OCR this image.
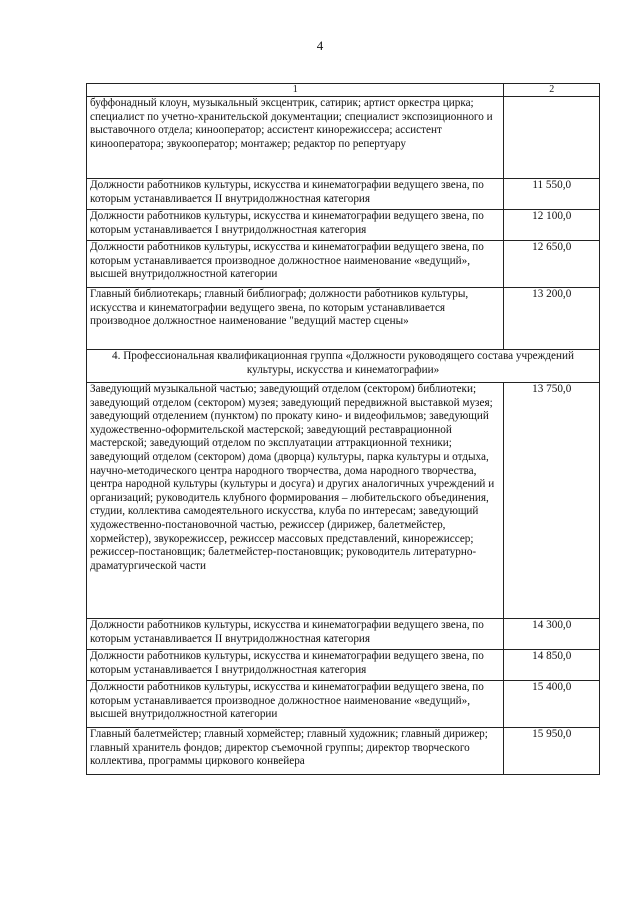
4
1	2
буффонадный клоун, музыкальный эксцентрик, сатирик; артист оркестра цирка; специалист по учетно-хранительской документации; специалист экспозиционного и выставочного отдела; кинооператор; ассистент кинорежиссера; ассистент кинооператора; звукооператор; монтажер; редактор по репертуару	
Должности работников культуры, искусства и кинематографии ведущего звена, по которым устанавливается II внутридолжностная категория	11 550,0
Должности работников культуры, искусства и кинематографии ведущего звена, по которым устанавливается I внутридолжностная категория	12 100,0
Должности работников культуры, искусства и кинематографии ведущего звена, по которым устанавливается производное должностное наименование «ведущий», высшей внутридолжностной категории	12 650,0
Главный библиотекарь; главный библиограф; должности работников культуры, искусства и кинематографии ведущего звена, по которым устанавливается производное должностное наименование "ведущий мастер сцены»	13 200,0
4. Профессиональная квалификационная группа «Должности руководящего состава учреждений культуры, искусства и кинематографии»	
Заведующий музыкальной частью; заведующий отделом (сектором) библиотеки; заведующий отделом (сектором) музея; заведующий передвижной выставкой музея; заведующий отделением (пунктом) по прокату кино- и видеофильмов; заведующий художественно-оформительской мастерской; заведующий реставрационной мастерской; заведующий отделом по эксплуатации аттракционной техники; заведующий отделом (сектором) дома (дворца) культуры, парка культуры и отдыха, научно-методического центра народного творчества, дома народного творчества, центра народной культуры (культуры и досуга) и других аналогичных учреждений и организаций; руководитель клубного формирования – любительского объединения, студии, коллектива самодеятельного искусства, клуба по интересам; заведующий художественно-постановочной частью, режиссер (дирижер, балетмейстер, хормейстер), звукорежиссер, режиссер массовых представлений, кинорежиссер; режиссер-постановщик; балетмейстер-постановщик; руководитель литературно-драматургической части	13 750,0
Должности работников культуры, искусства и кинематографии ведущего звена, по которым устанавливается II внутридолжностная категория	14 300,0
Должности работников культуры, искусства и кинематографии ведущего звена, по которым устанавливается I внутридолжностная категория	14 850,0
Должности работников культуры, искусства и кинематографии ведущего звена, по которым устанавливается производное должностное наименование «ведущий», высшей внутридолжностной категории	15 400,0
Главный балетмейстер; главный хормейстер; главный художник; главный дирижер; главный хранитель фондов; директор съемочной группы; директор творческого коллектива, программы циркового конвейера	15 950,0
